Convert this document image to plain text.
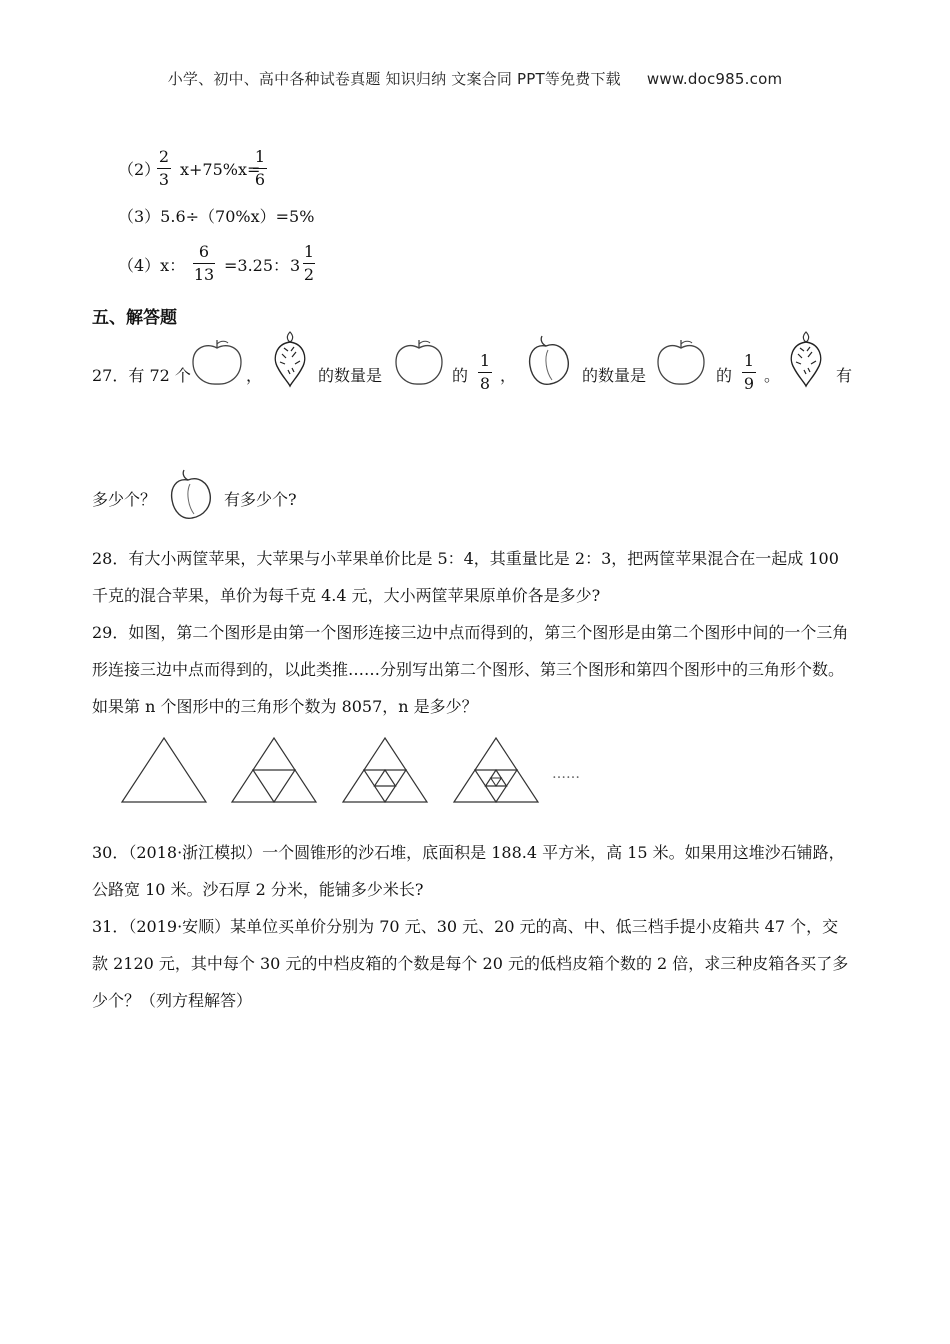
小学、初中、高中各种试卷真题 知识归纳 文案合同 PPT等免费下载 www.doc985.com
（2）
2
3
x+75%x=
1
6
（3）5.6÷（70%x）=5%
（4）x：
6
13 =3.25： 3
1
2
五、解答题
27．有 72 个	，	的数量是	的
1
8 ，	的数量是	的
1
9 。	有
多少个？	有多少个?
28．有大小两筐苹果，大苹果与小苹果单价比是 5：4，其重量比是 2：3，把两筐苹果混合在一起成 100 千克的混合苹果，单价为每千克 4.4 元，大小两筐苹果原单价各是多少?
29．如图，第二个图形是由第一个图形连接三边中点而得到的，第三个图形是由第二个图形中间的一个三角形连接三边中点而得到的，以此类推……分别写出第二个图形、第三个图形和第四个图形中的三角形个数。如果第 n 个图形中的三角形个数为 8057，n 是多少？
……
30．（2018·浙江模拟）一个圆锥形的沙石堆，底面积是 188.4 平方米，高 15 米。如果用这堆沙石铺路，公路宽 10 米。沙石厚 2 分米，能铺多少米长?
31．（2019·安顺）某单位买单价分别为 70 元、30 元、20 元的高、中、低三档手提小皮箱共 47 个，交款 2120 元，其中每个 30 元的中档皮箱的个数是每个 20 元的低档皮箱个数的 2 倍，求三种皮箱各买了多少个？（列方程解答）
